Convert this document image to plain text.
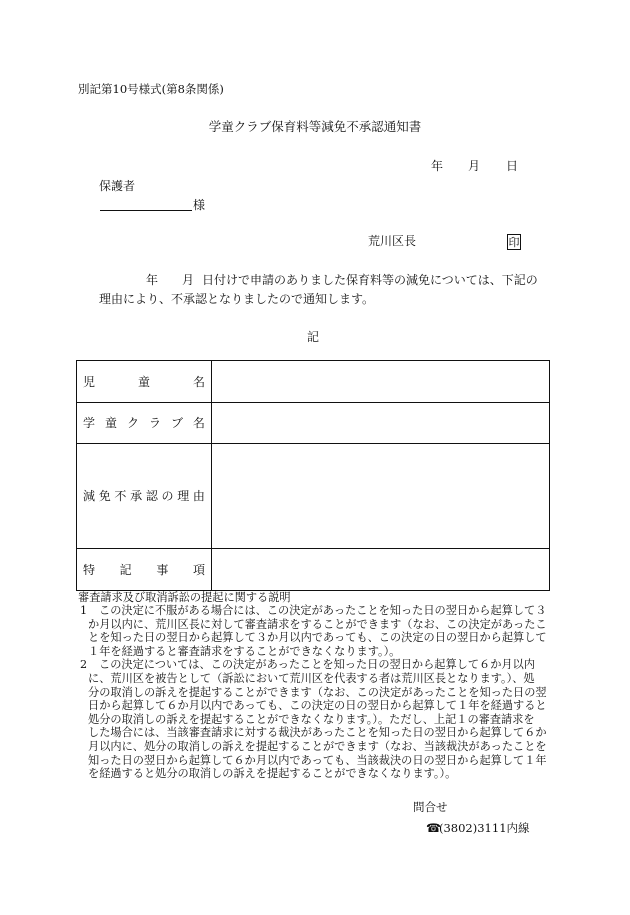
別記第10号様式(第8条関係)
学童クラブ保育料等減免不承認通知書
年 月 日
保護者
様
荒川区長	印
年 月 日付けで申請のありました保育料等の減免については、下記の
理由により、不承認となりましたので通知します。
記
児	童	名
学 童 ク ラ ブ 名
減 免 不 承 認 の 理 由
特 記 事 項
審査請求及び取消訴訟の提起に関する説明
1 この決定に不服がある場合には、この決定があったことを知った日の翌日から起算して３
か月以内に、荒川区長に対して審査請求をすることができます（なお、この決定があったこ
とを知った日の翌日から起算して３か月以内であっても、この決定の日の翌日から起算して
１年を経過すると審査請求をすることができなくなります。）。
2 この決定については、この決定があったことを知った日の翌日から起算して６か月以内
に、荒川区を被告として（訴訟において荒川区を代表する者は荒川区長となります。）、処
分の取消しの訴えを提起することができます（なお、この決定があったことを知った日の翌
日から起算して６か月以内であっても、この決定の日の翌日から起算して１年を経過すると
処分の取消しの訴えを提起することができなくなります。）。ただし、上記１の審査請求を
した場合には、当該審査請求に対する裁決があったことを知った日の翌日から起算して６か
月以内に、処分の取消しの訴えを提起することができます（なお、当該裁決があったことを
知った日の翌日から起算して６か月以内であっても、当該裁決の日の翌日から起算して１年
を経過すると処分の取消しの訴えを提起することができなくなります。）。
問合せ
☎(3802)3111内線
